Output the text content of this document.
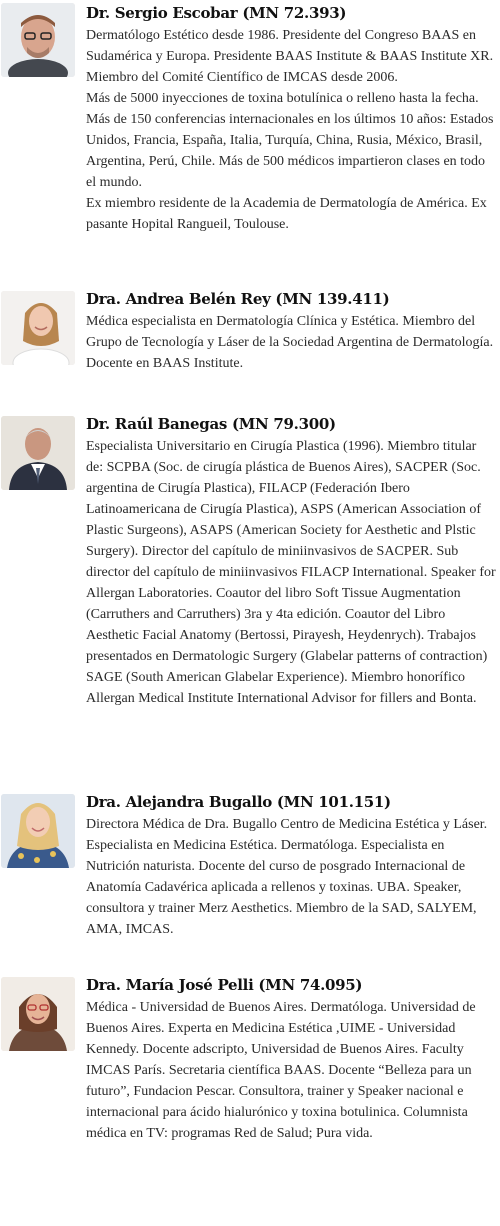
Dr. Sergio Escobar (MN 72.393)

Dermatólogo Estético desde 1986. Presidente del Congreso BAAS en Sudamérica y Europa. Presidente BAAS Institute & BAAS Institute XR. Miembro del Comité Científico de IMCAS desde 2006.

Más de 5000 inyecciones de toxina botulínica o relleno hasta la fecha. Más de 150 conferencias internacionales en los últimos 10 años: Estados Unidos, Francia, España, Italia, Turquía, China, Rusia, México, Brasil, Argentina, Perú, Chile. Más de 500 médicos impartieron clases en todo el mundo.

Ex miembro residente de la Academia de Dermatología de América. Ex pasante Hopital Rangueil, Toulouse.

Dra. Andrea Belén Rey (MN 139.411)

Médica especialista en Dermatología Clínica y Estética. Miembro del Grupo de Tecnología y Láser de la Sociedad Argentina de Dermatología. Docente en BAAS Institute.

Dr. Raúl Banegas (MN 79.300)

Especialista Universitario en Cirugía Plastica (1996). Miembro titular de: SCPBA (Soc. de cirugía plástica de Buenos Aires), SACPER (Soc. argentina de Cirugía Plastica), FILACP (Federación Ibero Latinoamericana de Cirugía Plastica), ASPS (American Association of Plastic Surgeons), ASAPS (American Society for Aesthetic and Plstic Surgery). Director del capítulo de miniinvasivos de SACPER. Sub director del capítulo de miniinvasivos FILACP International. Speaker for Allergan Laboratories. Coautor del libro Soft Tissue Augmentation (Carruthers and Carruthers) 3ra y 4ta edición. Coautor del Libro Aesthetic Facial Anatomy (Bertossi, Pirayesh, Heydenrych). Trabajos presentados en Dermatologic Surgery (Glabelar patterns of contraction) SAGE (South American Glabelar Experience). Miembro honorífico Allergan Medical Institute International Advisor for fillers and Bonta.

Dra. Alejandra Bugallo (MN 101.151)

Directora Médica de Dra. Bugallo Centro de Medicina Estética y Láser. Especialista en Medicina Estética. Dermatóloga. Especialista en Nutrición naturista. Docente del curso de posgrado Internacional de Anatomía Cadavérica aplicada a rellenos y toxinas. UBA. Speaker, consultora y trainer Merz Aesthetics. Miembro de la SAD, SALYEM, AMA, IMCAS.

Dra. María José Pelli (MN 74.095)

Médica - Universidad de Buenos Aires. Dermatóloga. Universidad de Buenos Aires. Experta en Medicina Estética ,UIME - Universidad Kennedy. Docente adscripto, Universidad de Buenos Aires. Faculty IMCAS París. Secretaria científica BAAS. Docente “Belleza para un futuro”, Fundacion Pescar. Consultora, trainer y Speaker nacional e internacional para ácido hialurónico y toxina botulinica. Columnista médica en TV: programas Red de Salud; Pura vida.
